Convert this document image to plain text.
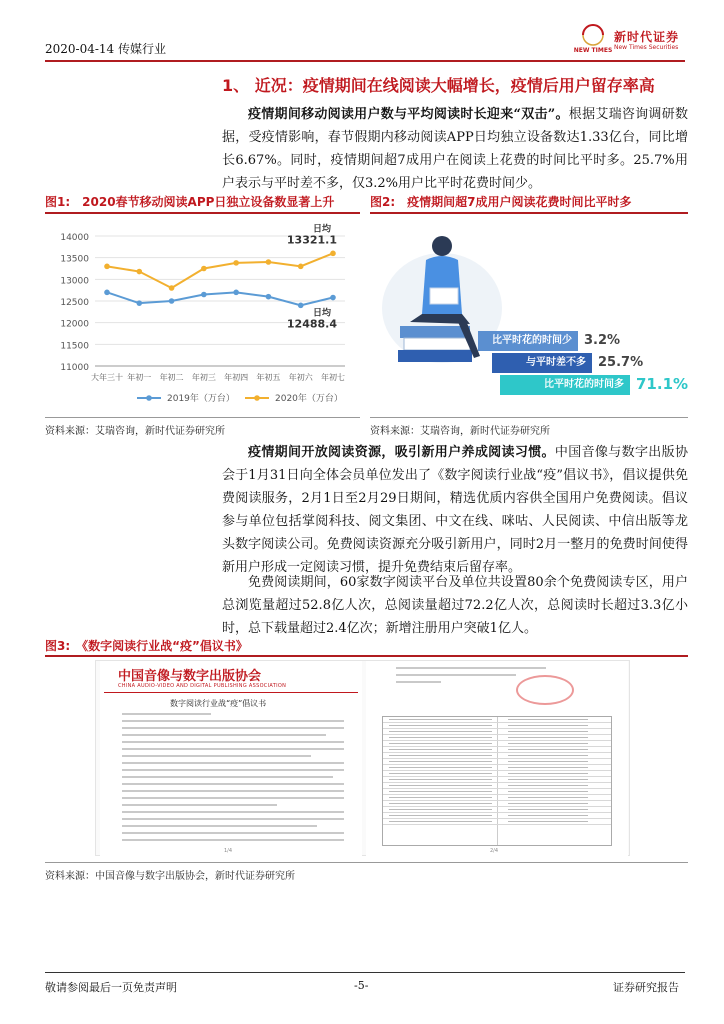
2020-04-14 传媒行业	NEW TIMES
新时代证券
New Times Securities
1、 近况：疫情期间在线阅读大幅增长，疫情后用户留存率高
疫情期间移动阅读用户数与平均阅读时长迎来“双击”。根据艾瑞咨询调研数据，受疫情影响，春节假期内移动阅读APP日均独立设备数达1.33亿台，同比增长6.67%。同时，疫情期间超7成用户在阅读上花费的时间比平时多。25.7%用户表示与平时差不多，仅3.2%用户比平时花费时间少。
图1:　2020春节移动阅读APP日独立设备数显著上升	图2:　疫情期间超7成用户阅读花费时间比平时多
11000
11500
12000
12500
13000
13500
14000
大年三十 年初一 年初二 年初三 年初四 年初五 年初六 年初七
日均
13321.1
日均
12488.4
2019年（万台）	2020年（万台）
比平时花的时间少 3.2%
与平时差不多 25.7%
比平时花的时间多 71.1%
资料来源：艾瑞咨询，新时代证券研究所	资料来源：艾瑞咨询，新时代证券研究所
疫情期间开放阅读资源，吸引新用户养成阅读习惯。中国音像与数字出版协会于1月31日向全体会员单位发出了《数字阅读行业战“疫”倡议书》，倡议提供免费阅读服务，2月1日至2月29日期间，精选优质内容供全国用户免费阅读。倡议参与单位包括掌阅科技、阅文集团、中文在线、咪咕、人民阅读、中信出版等龙头数字阅读公司。免费阅读资源充分吸引新用户，同时2月一整月的免费时间使得新用户形成一定阅读习惯，提升免费结束后留存率。
免费阅读期间，60家数字阅读平台及单位共设置80余个免费阅读专区，用户总浏览量超过52.8亿人次，总阅读量超过72.2亿人次，总阅读时长超过3.3亿小时，总下载量超过2.4亿次；新增注册用户突破1亿人。
图3:　《数字阅读行业战“疫”倡议书》
中国音像与数字出版协会
CHINA AUDIO-VIDEO AND DIGITAL PUBLISHING ASSOCIATION
数字阅读行业战“疫”倡议书
1/4	2/4
资料来源：中国音像与数字出版协会，新时代证券研究所
敬请参阅最后一页免责声明	-5-	证券研究报告
